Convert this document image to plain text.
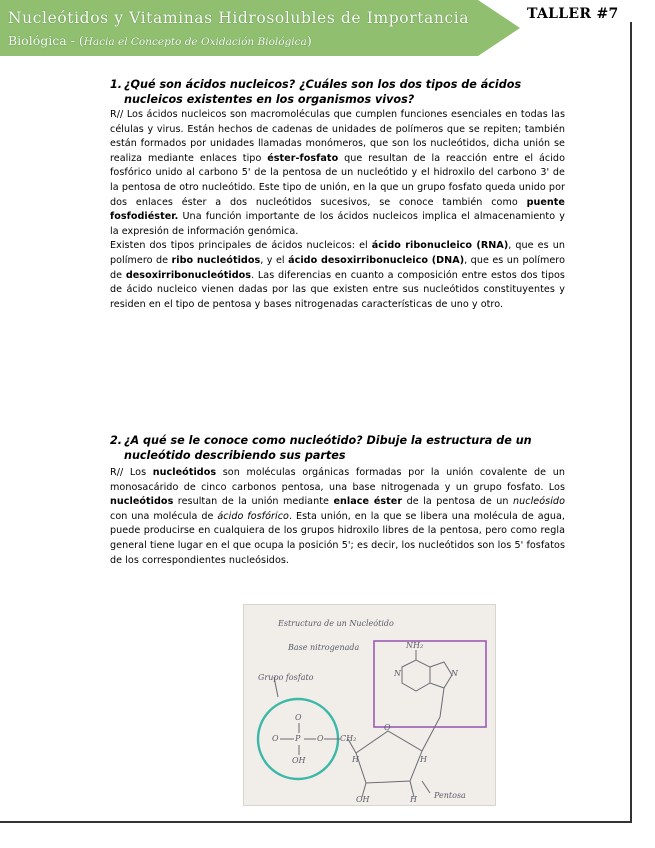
Nucleótidos y Vitaminas Hidrosolubles de Importancia
Biológica - (Hacia el Concepto de Oxidación Biológica)
TALLER #7
1. ¿Qué son ácidos nucleicos? ¿Cuáles son los dos tipos de ácidos nucleicos existentes en los organismos vivos?

R// Los ácidos nucleicos son macromoléculas que cumplen funciones esenciales en todas las células y virus. Están hechos de cadenas de unidades de polímeros que se repiten; también están formados por unidades llamadas monómeros, que son los nucleótidos, dicha unión se realiza mediante enlaces tipo éster-fosfato que resultan de la reacción entre el ácido fosfórico unido al carbono 5' de la pentosa de un nucleótido y el hidroxilo del carbono 3' de la pentosa de otro nucleótido. Este tipo de unión, en la que un grupo fosfato queda unido por dos enlaces éster a dos nucleótidos sucesivos, se conoce también como puente fosfodiéster. Una función importante de los ácidos nucleicos implica el almacenamiento y la expresión de información genómica.

Existen dos tipos principales de ácidos nucleicos: el ácido ribonucleico (RNA), que es un polímero de ribo nucleótidos, y el ácido desoxirribonucleico (DNA), que es un polímero de desoxirribonucleótidos. Las diferencias en cuanto a composición entre estos dos tipos de ácido nucleico vienen dadas por las que existen entre sus nucleótidos constituyentes y residen en el tipo de pentosa y bases nitrogenadas características de uno y otro.

2. ¿A qué se le conoce como nucleótido? Dibuje la estructura de un nucleótido describiendo sus partes

R// Los nucleótidos son moléculas orgánicas formadas por la unión covalente de un monosacárido de cinco carbonos pentosa, una base nitrogenada y un grupo fosfato. Los nucleótidos resultan de la unión mediante enlace éster de la pentosa de un nucleósido con una molécula de ácido fosfórico. Esta unión, en la que se libera una molécula de agua, puede producirse en cualquiera de los grupos hidroxilo libres de la pentosa, pero como regla general tiene lugar en el que ocupa la posición 5'; es decir, los nucleótidos son los 5' fosfatos de los correspondientes nucleósidos.

Estructura de un Nucleótido
Base nitrogenada
Grupo fosfato
Pentosa
NH₂
O P O
O
OH
CH₂
O
N	N
H	H
OH	H
